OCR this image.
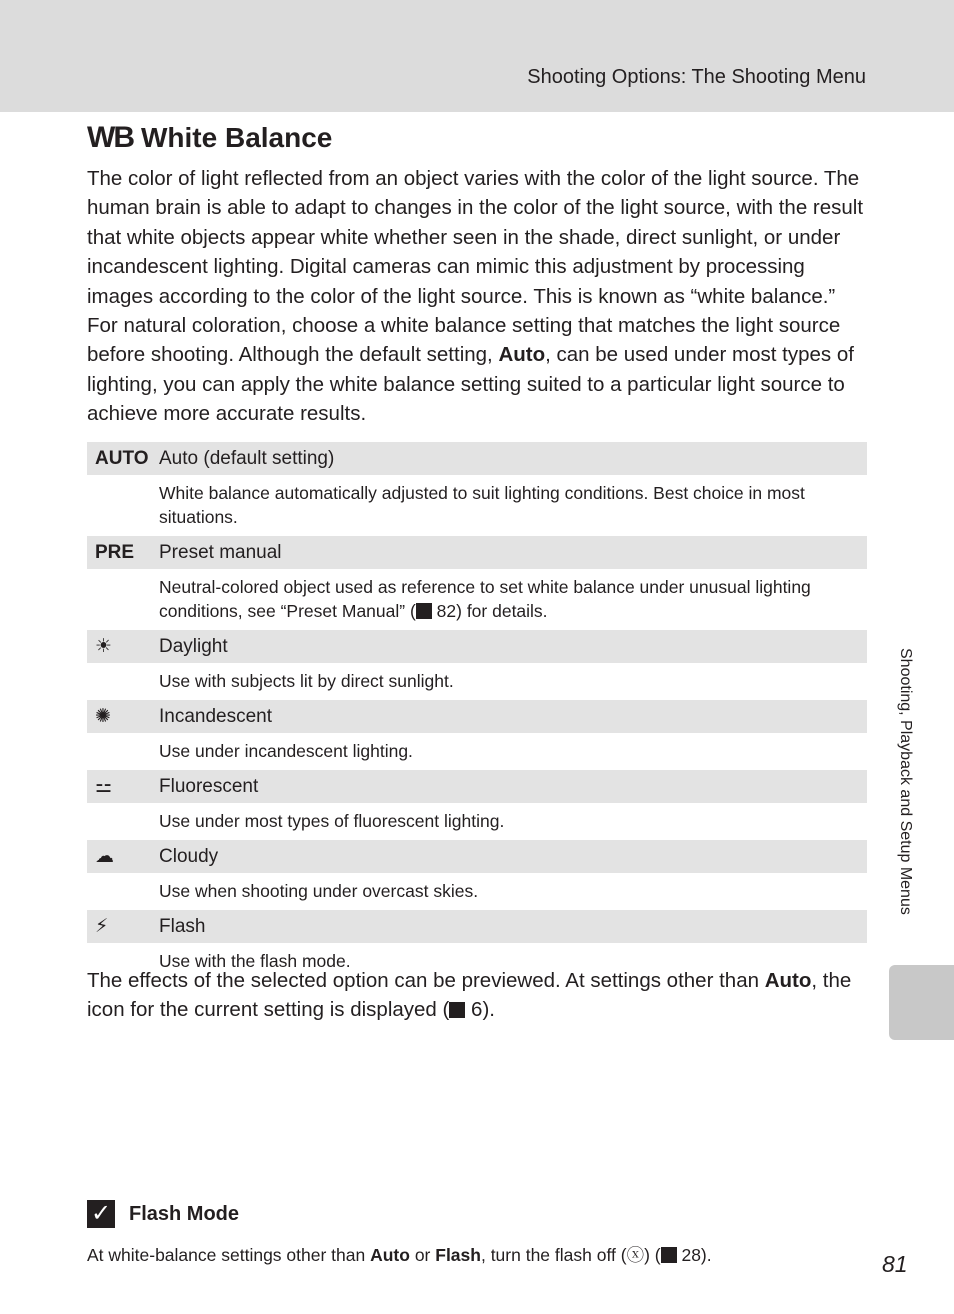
Shooting Options: The Shooting Menu
WB White Balance

The color of light reflected from an object varies with the color of the light source. The human brain is able to adapt to changes in the color of the light source, with the result that white objects appear white whether seen in the shade, direct sunlight, or under incandescent lighting. Digital cameras can mimic this adjustment by processing images according to the color of the light source. This is known as “white balance.” For natural coloration, choose a white balance setting that matches the light source before shooting. Although the default setting, Auto, can be used under most types of lighting, you can apply the white balance setting suited to a particular light source to achieve more accurate results.

AUTO Auto (default setting)
White balance automatically adjusted to suit lighting conditions. Best choice in most situations.
PRE	Preset manual
Neutral-colored object used as reference to set white balance under unusual lighting conditions, see “Preset Manual” ( 82) for details.
☀	Daylight
Use with subjects lit by direct sunlight.
✺	Incandescent
Use under incandescent lighting.
⚍	Fluorescent
Use under most types of fluorescent lighting.
☁	Cloudy
Use when shooting under overcast skies.
⚡	Flash
Use with the flash mode.
The effects of the selected option can be previewed. At settings other than Auto, the icon for the current setting is displayed ( 6).
✓ Flash Mode
At white-balance settings other than Auto or Flash, turn the flash off (ⓧ) ( 28).
Shooting, Playback and Setup Menus
81
